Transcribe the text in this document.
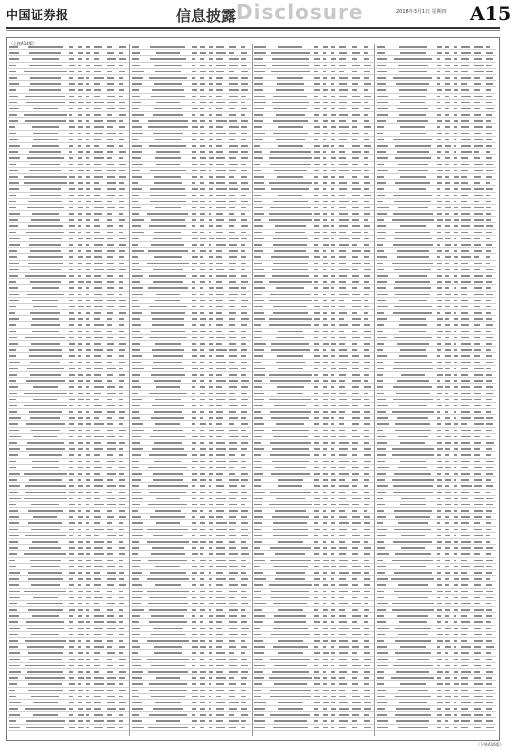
中国证券报	信息披露 Disclosure	2018年3月1日 星期四 A15
（上接A14版）
（下转A16版）
